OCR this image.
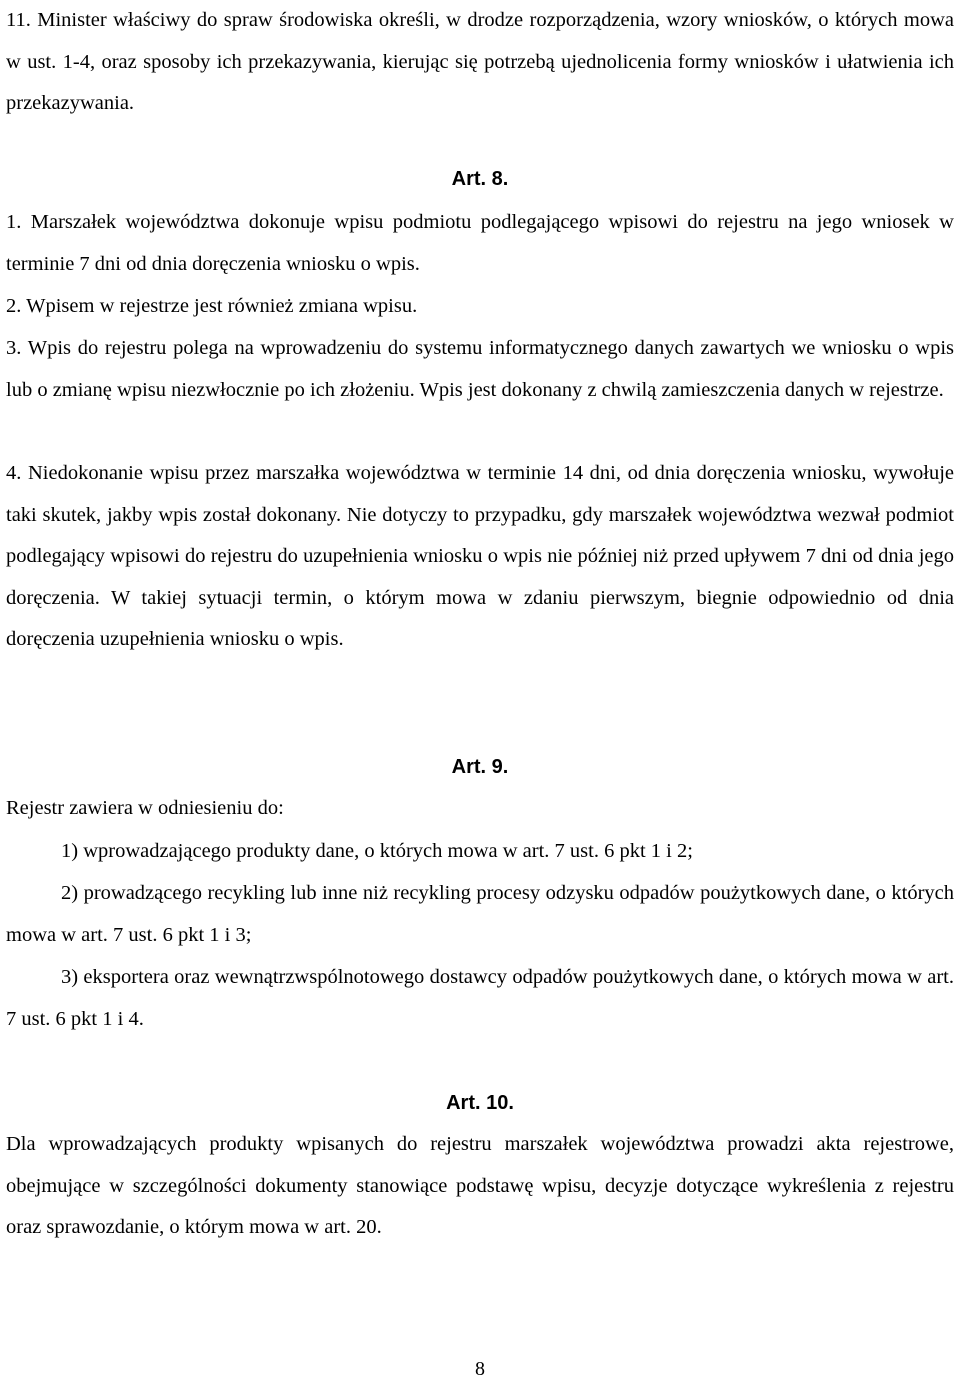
11. Minister właściwy do spraw środowiska określi, w drodze rozporządzenia, wzory wniosków, o których mowa w ust. 1-4, oraz sposoby ich przekazywania, kierując się potrzebą ujednolicenia formy wniosków i ułatwienia ich przekazywania.

Art. 8.

1. Marszałek województwa dokonuje wpisu podmiotu podlegającego wpisowi do rejestru na jego wniosek w terminie 7 dni od dnia doręczenia wniosku o wpis.

2. Wpisem w rejestrze jest również zmiana wpisu.

3. Wpis do rejestru polega na wprowadzeniu do systemu informatycznego danych zawartych we wniosku o wpis lub o zmianę wpisu niezwłocznie po ich złożeniu. Wpis jest dokonany z chwilą zamieszczenia danych w rejestrze.

4. Niedokonanie wpisu przez marszałka województwa w terminie 14 dni, od dnia doręczenia wniosku, wywołuje taki skutek, jakby wpis został dokonany. Nie dotyczy to przypadku, gdy marszałek województwa wezwał podmiot podlegający wpisowi do rejestru do uzupełnienia wniosku o wpis nie później niż przed upływem 7 dni od dnia jego doręczenia. W takiej sytuacji termin, o którym mowa w zdaniu pierwszym, biegnie odpowiednio od dnia doręczenia uzupełnienia wniosku o wpis.

Art. 9.

Rejestr zawiera w odniesieniu do:

1) wprowadzającego produkty dane, o których mowa w art. 7 ust. 6 pkt 1 i 2;

2) prowadzącego recykling lub inne niż recykling procesy odzysku odpadów poużytkowych dane, o których mowa w art. 7 ust. 6 pkt 1 i 3;

3) eksportera oraz wewnątrzwspólnotowego dostawcy odpadów poużytkowych dane, o których mowa w art. 7 ust. 6 pkt 1 i 4.

Art. 10.

Dla wprowadzających produkty wpisanych do rejestru marszałek województwa prowadzi akta rejestrowe, obejmujące w szczególności dokumenty stanowiące podstawę wpisu, decyzje dotyczące wykreślenia z rejestru oraz sprawozdanie, o którym mowa w art. 20.

8
